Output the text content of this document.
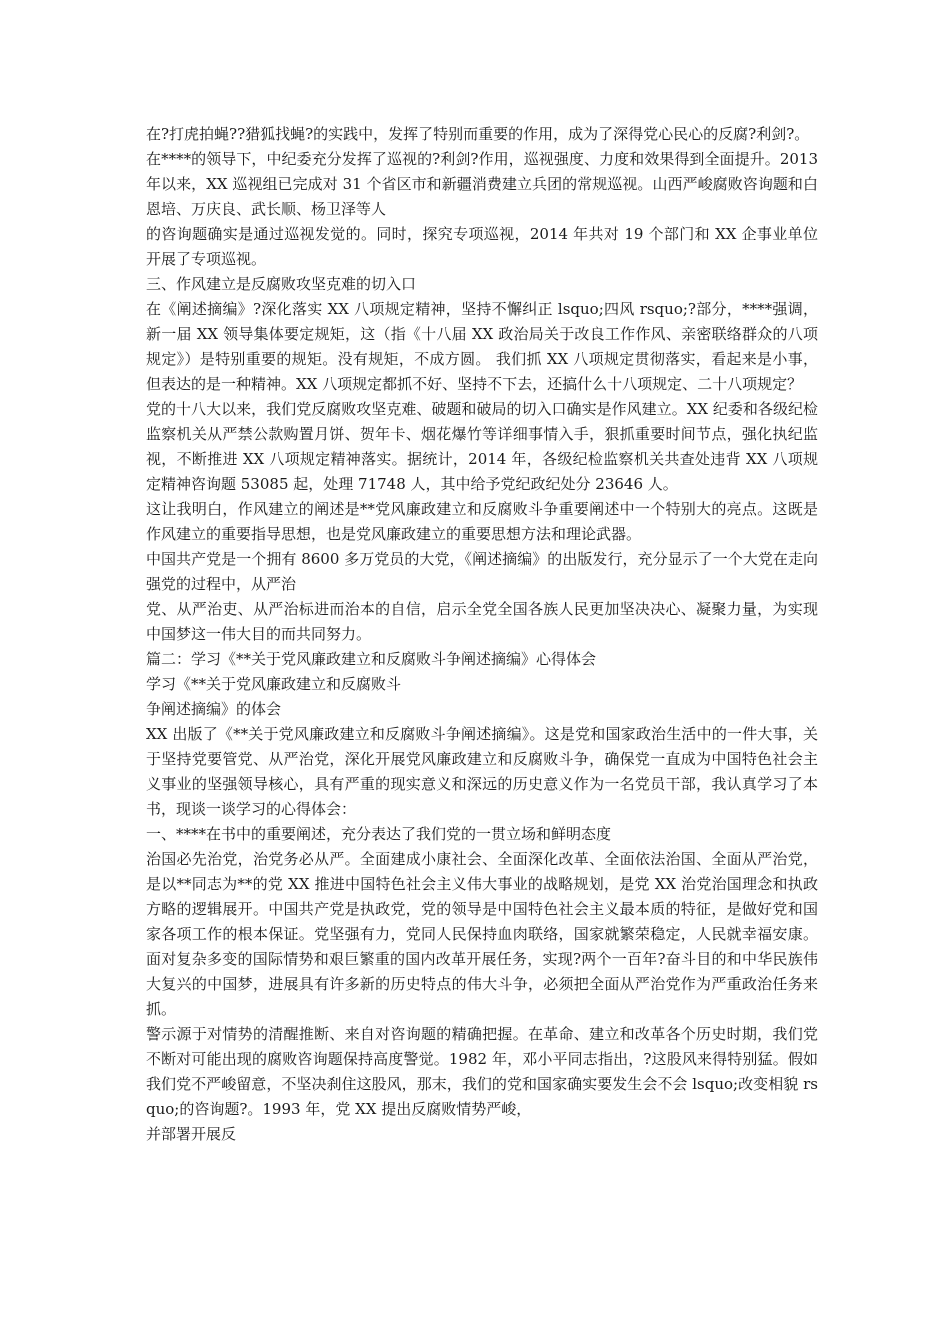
在?打虎拍蝇??猎狐找蝇?的实践中，发挥了特别而重要的作用，成为了深得党心民心的反腐?利剑?。

在****的领导下，中纪委充分发挥了巡视的?利剑?作用，巡视强度、力度和效果得到全面提升。2013 年以来，XX 巡视组已完成对 31 个省区市和新疆消费建立兵团的常规巡视。山西严峻腐败咨询题和白恩培、万庆良、武长顺、杨卫泽等人

的咨询题确实是通过巡视发觉的。同时，探究专项巡视，2014 年共对 19 个部门和 XX 企事业单位开展了专项巡视。

三、作风建立是反腐败攻坚克难的切入口

在《阐述摘编》?深化落实 XX 八项规定精神，坚持不懈纠正 lsquo;四风 rsquo;?部分，****强调，新一届 XX 领导集体要定规矩，这（指《十八届 XX 政治局关于改良工作作风、亲密联络群众的八项规定》）是特别重要的规矩。没有规矩，不成方圆。 我们抓 XX 八项规定贯彻落实，看起来是小事，但表达的是一种精神。XX 八项规定都抓不好、坚持不下去，还搞什么十八项规定、二十八项规定？

党的十八大以来，我们党反腐败攻坚克难、破题和破局的切入口确实是作风建立。XX 纪委和各级纪检监察机关从严禁公款购置月饼、贺年卡、烟花爆竹等详细事情入手，狠抓重要时间节点，强化执纪监视，不断推进 XX 八项规定精神落实。据统计，2014 年，各级纪检监察机关共查处违背 XX 八项规定精神咨询题 53085 起，处理 71748 人，其中给予党纪政纪处分 23646 人。

这让我明白，作风建立的阐述是**党风廉政建立和反腐败斗争重要阐述中一个特别大的亮点。这既是作风建立的重要指导思想，也是党风廉政建立的重要思想方法和理论武器。

中国共产党是一个拥有 8600 多万党员的大党，《阐述摘编》的出版发行，充分显示了一个大党在走向强党的过程中，从严治

党、从严治吏、从严治标进而治本的自信，启示全党全国各族人民更加坚决决心、凝聚力量，为实现中国梦这一伟大目的而共同努力。

篇二：学习《**关于党风廉政建立和反腐败斗争阐述摘编》心得体会

学习《**关于党风廉政建立和反腐败斗

争阐述摘编》的体会

XX 出版了《**关于党风廉政建立和反腐败斗争阐述摘编》。这是党和国家政治生活中的一件大事，关于坚持党要管党、从严治党，深化开展党风廉政建立和反腐败斗争，确保党一直成为中国特色社会主义事业的坚强领导核心，具有严重的现实意义和深远的历史意义作为一名党员干部，我认真学习了本书，现谈一谈学习的心得体会：

一、****在书中的重要阐述，充分表达了我们党的一贯立场和鲜明态度

治国必先治党，治党务必从严。全面建成小康社会、全面深化改革、全面依法治国、全面从严治党，是以**同志为**的党 XX 推进中国特色社会主义伟大事业的战略规划，是党 XX 治党治国理念和执政方略的逻辑展开。中国共产党是执政党，党的领导是中国特色社会主义最本质的特征，是做好党和国家各项工作的根本保证。党坚强有力，党同人民保持血肉联络，国家就繁荣稳定，人民就幸福安康。面对复杂多变的国际情势和艰巨繁重的国内改革开展任务，实现?两个一百年?奋斗目的和中华民族伟大复兴的中国梦，进展具有许多新的历史特点的伟大斗争，必须把全面从严治党作为严重政治任务来抓。

警示源于对情势的清醒推断、来自对咨询题的精确把握。在革命、建立和改革各个历史时期，我们党不断对可能出现的腐败咨询题保持高度警觉。1982 年，邓小平同志指出，?这股风来得特别猛。假如我们党不严峻留意，不坚决刹住这股风，那末，我们的党和国家确实要发生会不会 lsquo;改变相貌 rsquo;的咨询题?。1993 年，党 XX 提出反腐败情势严峻，

并部署开展反
